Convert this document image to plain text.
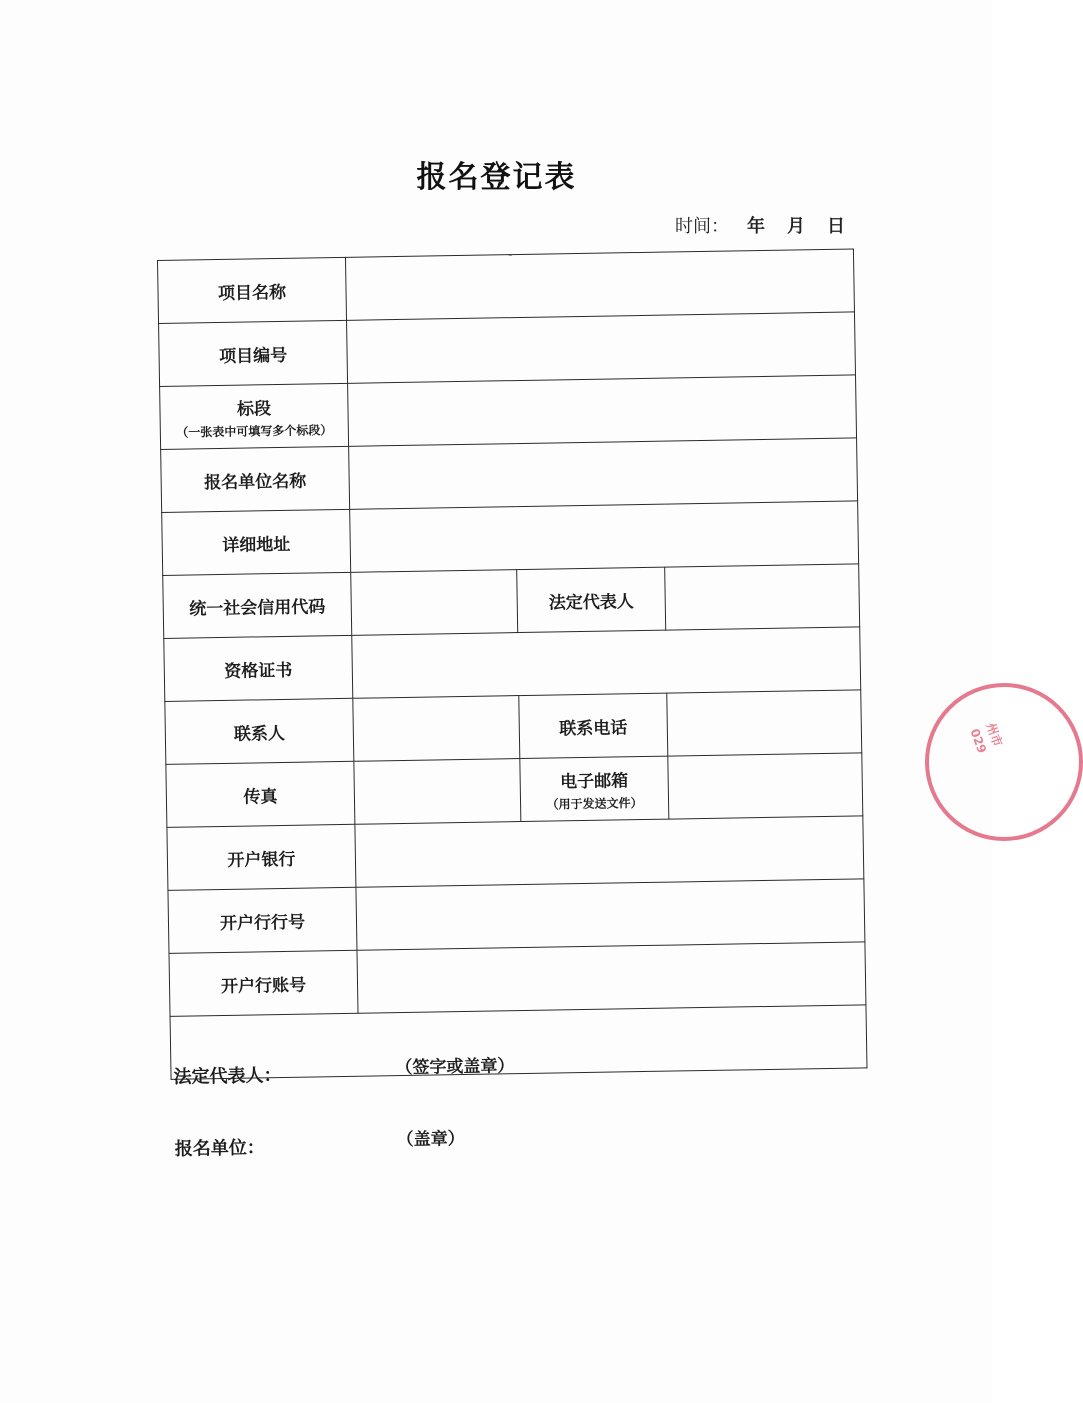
报名登记表
时间： 年 月 日
项目名称			
项目编号			
标段
（一张表中可填写多个标段）			

报名单位名称			
详细地址			
统一社会信用代码		法定代表人	
资格证书			
联系人		联系电话	
传真		电子邮箱
（用于发送文件）	

开户银行			
开户行行号			
开户行账号			

法定代表人： （签字或盖章）
报名单位： （盖章）			
州市 029
